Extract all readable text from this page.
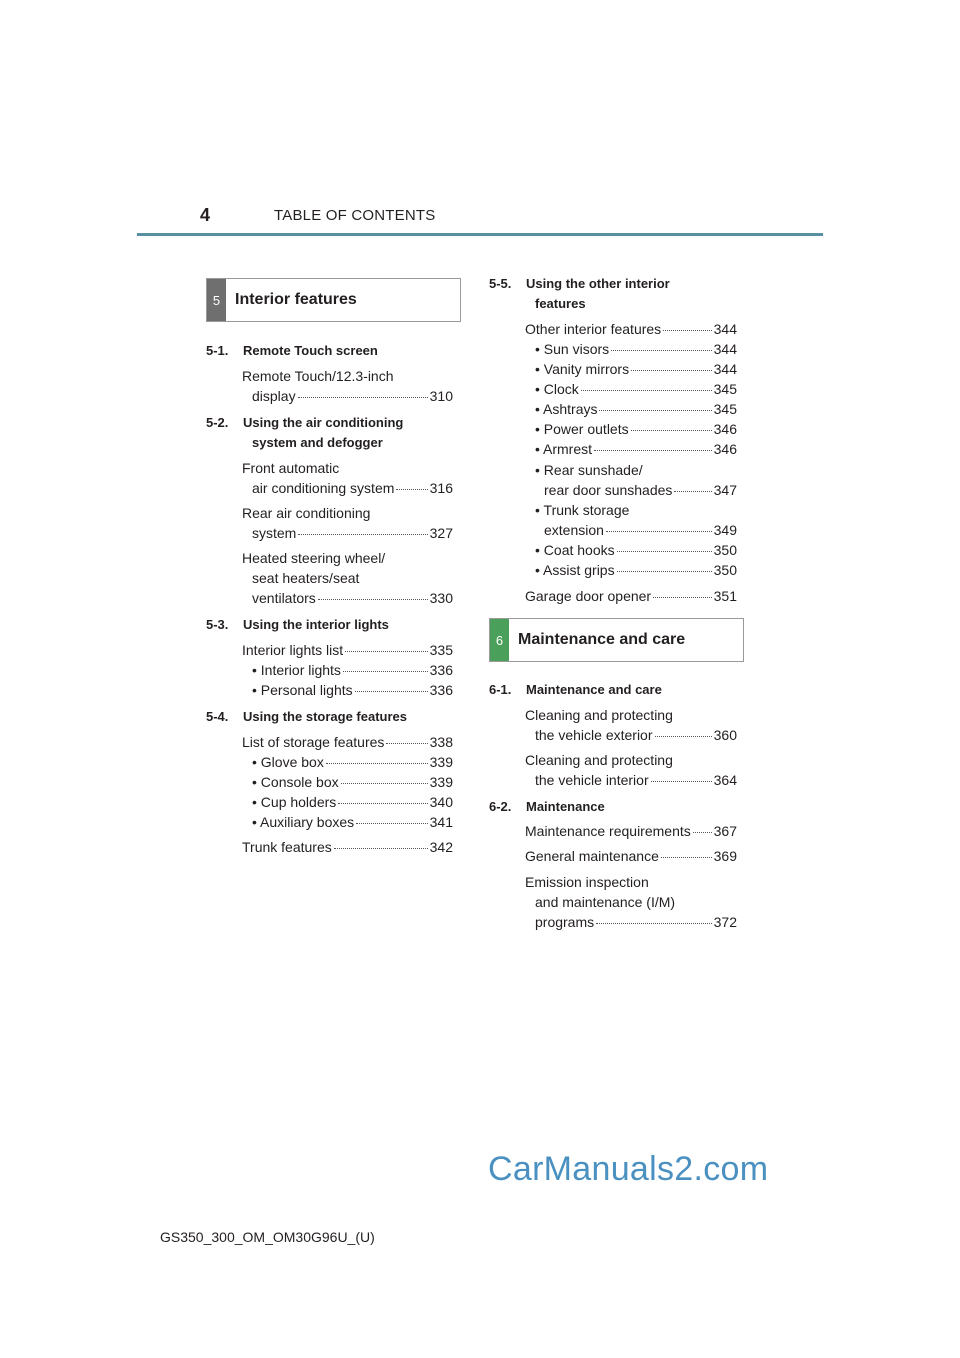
4	TABLE OF CONTENTS
5 Interior features
5-1. Remote Touch screen
Remote Touch/12.3-inch
display	310
5-2. Using the air conditioning
system and defogger
Front automatic
air conditioning system	316
Rear air conditioning
system	327
Heated steering wheel/
seat heaters/seat
ventilators	330
5-3. Using the interior lights
Interior lights list	335
• Interior lights	336
• Personal lights	336
5-4. Using the storage features
List of storage features	338
• Glove box	339
• Console box	339
• Cup holders	340
• Auxiliary boxes	341
Trunk features	342
6 Maintenance and care
5-5. Using the other interior
features
Other interior features	344
• Sun visors	344
• Vanity mirrors	344
• Clock	345
• Ashtrays	345
• Power outlets	346
• Armrest	346
• Rear sunshade/
rear door sunshades	347
• Trunk storage
extension	349
• Coat hooks	350
• Assist grips	350
Garage door opener	351
6-1. Maintenance and care
Cleaning and protecting
the vehicle exterior	360
Cleaning and protecting
the vehicle interior	364
6-2. Maintenance
Maintenance requirements 367
General maintenance	369
Emission inspection
and maintenance (I/M)
programs	372
CarManuals2.com
GS350_300_OM_OM30G96U_(U)
